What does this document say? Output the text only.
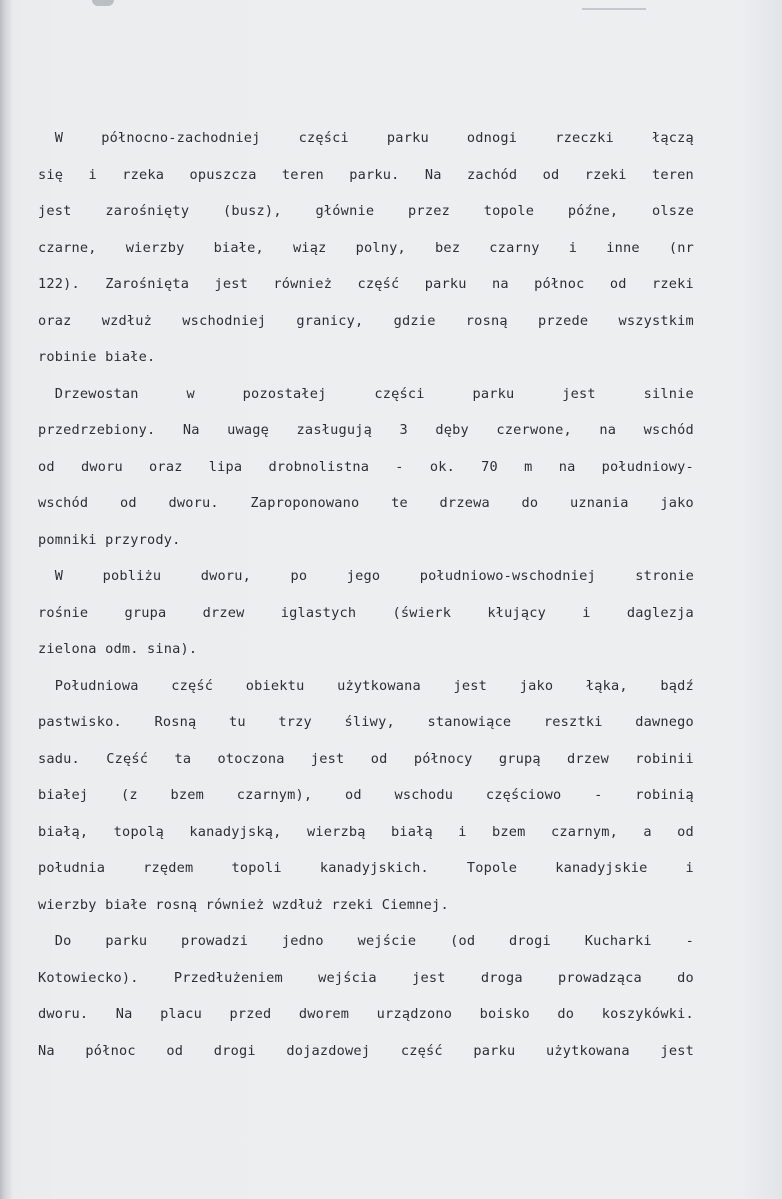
W	północno-zachodniej	części	parku	odnogi	rzeczki	łączą
się i rzeka opuszcza teren parku. Na zachód od rzeki teren
jest zarośnięty (busz), głównie przez topole późne, olsze
czarne, wierzby białe, wiąz polny, bez czarny i inne (nr
122). Zarośnięta jest również część parku na północ od rzeki
oraz wzdłuż wschodniej granicy, gdzie rosną przede wszystkim
robinie białe.
Drzewostan	w	pozostałej	części	parku	jest	silnie
przedrzebiony. Na uwagę zasługują 3 dęby czerwone, na wschód
od dworu oraz lipa drobnolistna - ok. 70 m na południowy-
wschód od dworu. Zaproponowano te drzewa do uznania jako
pomniki przyrody.
W	pobliżu	dworu,	po	jego	południowo-wschodniej	stronie
rośnie	grupa	drzew	iglastych	(świerk	kłujący	i	daglezja
zielona odm. sina).
Południowa część obiektu użytkowana jest jako łąka, bądź
pastwisko. Rosną tu trzy śliwy, stanowiące resztki dawnego
sadu. Część ta otoczona jest od północy grupą drzew robinii
białej (z bzem czarnym), od wschodu częściowo - robinią
białą, topolą kanadyjską, wierzbą białą i bzem czarnym, a od
południa	rzędem	topoli	kanadyjskich.	Topole	kanadyjskie	i
wierzby białe rosną również wzdłuż rzeki Ciemnej.
Do parku prowadzi jedno wejście (od drogi Kucharki -
Kotowiecko).	Przedłużeniem	wejścia	jest	droga	prowadząca	do
dworu. Na placu przed dworem urządzono boisko do koszykówki.
Na północ od drogi dojazdowej część parku użytkowana jest
